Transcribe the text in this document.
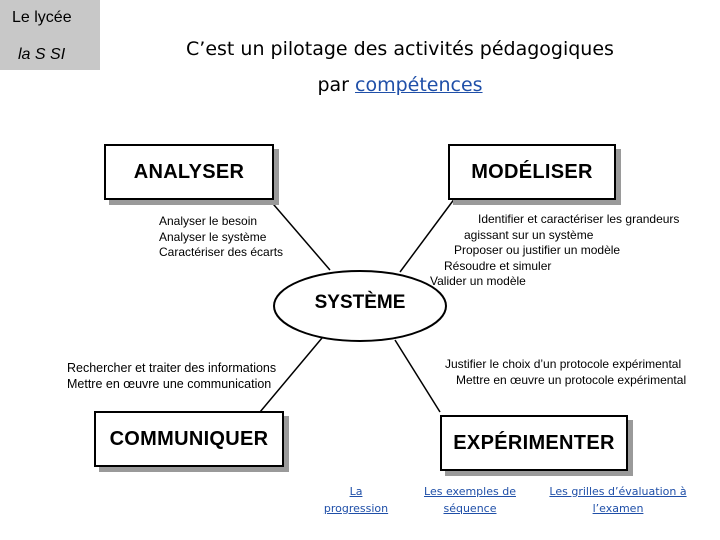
Le lycée
la S SI	C’est un pilotage des activités pédagogiques
par compétences
ANALYSER	MODÉLISER
COMMUNIQUER	EXPÉRIMENTER
SYSTÈME
Analyser le besoin
Analyser le système
Caractériser des écarts
Identifier et caractériser les grandeurs
agissant sur un système
Proposer ou justifier un modèle
Résoudre et simuler
Valider un modèle
Rechercher et traiter des informations
Mettre en œuvre une communication
Justifier le choix d’un protocole expérimental
Mettre en œuvre un protocole expérimental
La
progression
Les exemples de
séquence
Les grilles d’évaluation à
l’examen
